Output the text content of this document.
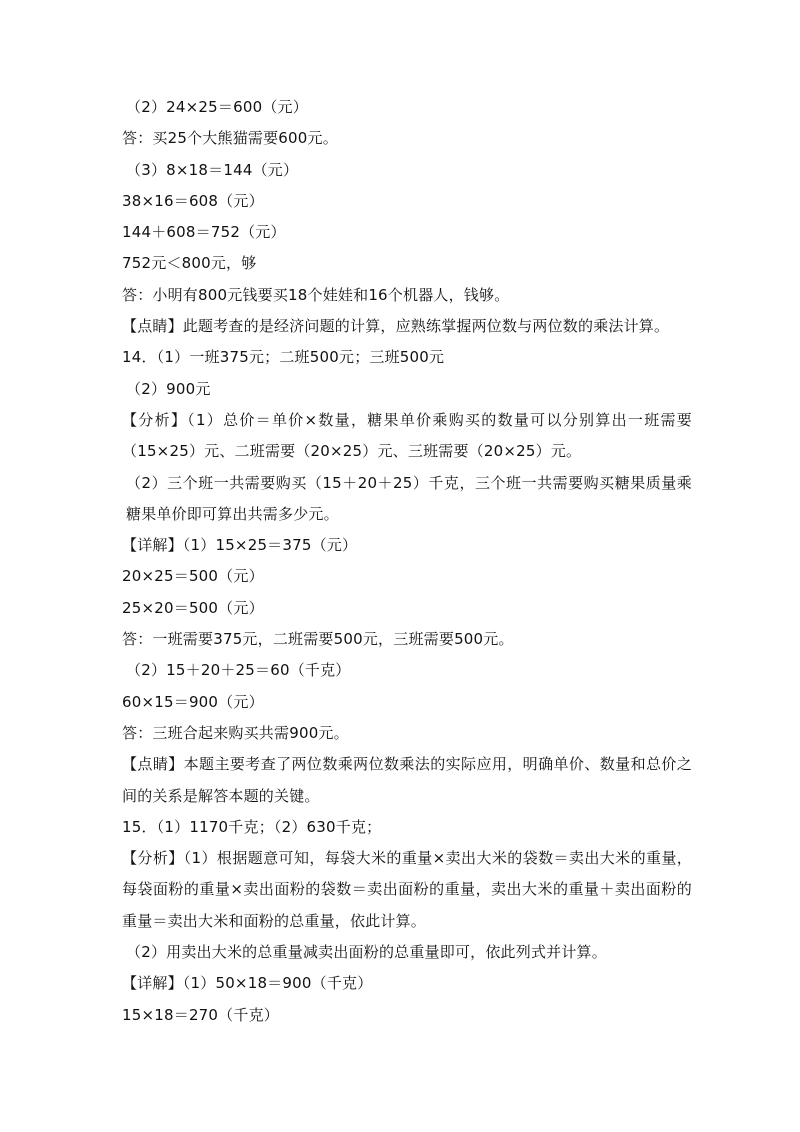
（2）24×25＝600（元）
答：买25个大熊猫需要600元。
（3）8×18＝144（元）
38×16＝608（元）
144＋608＝752（元）
752元＜800元，够
答：小明有800元钱要买18个娃娃和16个机器人，钱够。
【点睛】此题考查的是经济问题的计算，应熟练掌握两位数与两位数的乘法计算。
14．（1）一班375元；二班500元；三班500元
（2）900元
【分析】（1）总价＝单价×数量，糖果单价乘购买的数量可以分别算出一班需要（15×25）元、二班需要（20×25）元、三班需要（20×25）元。
（2）三个班一共需要购买（15＋20＋25）千克，三个班一共需要购买糖果质量乘糖果单价即可算出共需多少元。
【详解】（1）15×25＝375（元）
20×25＝500（元）
25×20＝500（元）
答：一班需要375元，二班需要500元，三班需要500元。
（2）15＋20＋25＝60（千克）
60×15＝900（元）
答：三班合起来购买共需900元。
【点睛】本题主要考查了两位数乘两位数乘法的实际应用，明确单价、数量和总价之间的关系是解答本题的关键。
15．（1）1170千克；（2）630千克；
【分析】（1）根据题意可知，每袋大米的重量×卖出大米的袋数＝卖出大米的重量，每袋面粉的重量×卖出面粉的袋数＝卖出面粉的重量，卖出大米的重量＋卖出面粉的重量＝卖出大米和面粉的总重量，依此计算。
（2）用卖出大米的总重量减卖出面粉的总重量即可，依此列式并计算。
【详解】（1）50×18＝900（千克）
15×18＝270（千克）
